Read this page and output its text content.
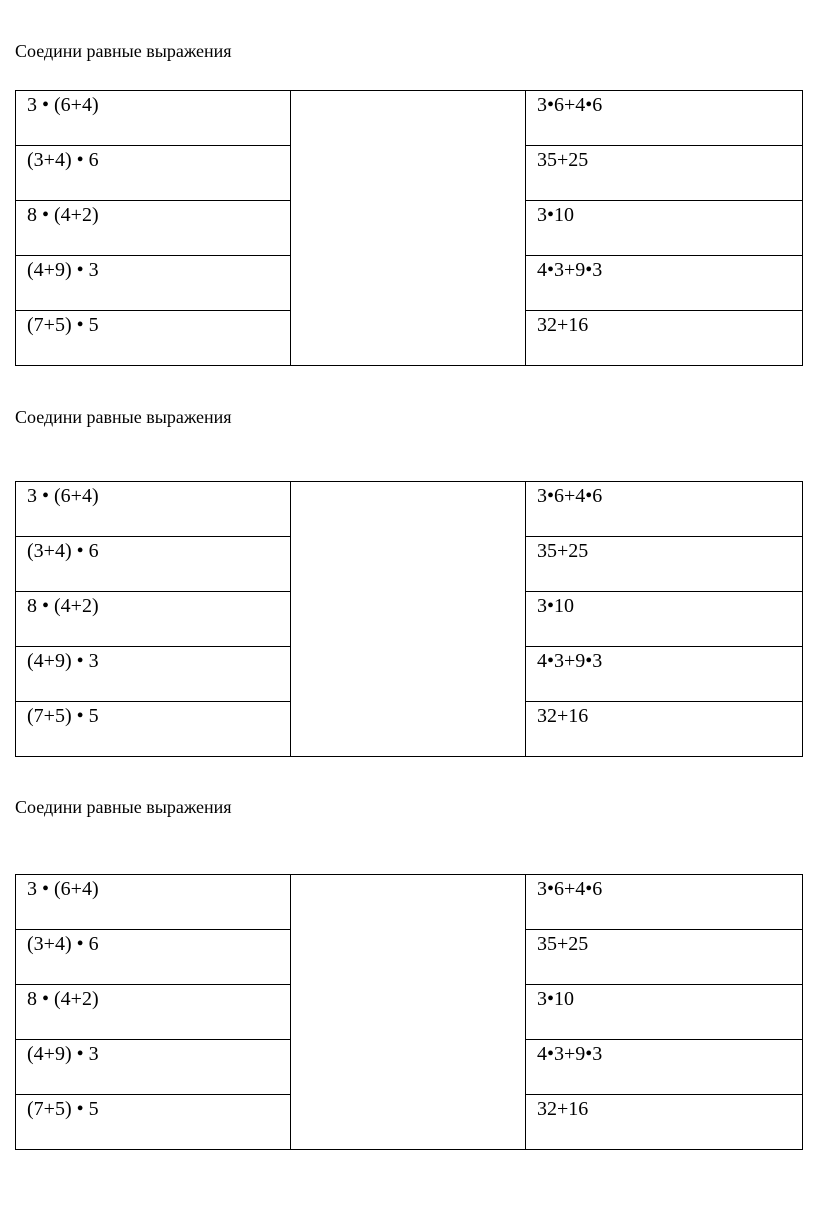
Соедини равные выражения
3 • (6+4)		3•6+4•6

(3+4) • 6		35+25

8 • (4+2)		3•10

(4+9) • 3		4•3+9•3

(7+5) • 5		32+16
Соедини равные выражения
3 • (6+4)		3•6+4•6

(3+4) • 6		35+25

8 • (4+2)		3•10

(4+9) • 3		4•3+9•3

(7+5) • 5		32+16
Соедини равные выражения
3 • (6+4)		3•6+4•6

(3+4) • 6		35+25

8 • (4+2)		3•10

(4+9) • 3		4•3+9•3

(7+5) • 5		32+16
